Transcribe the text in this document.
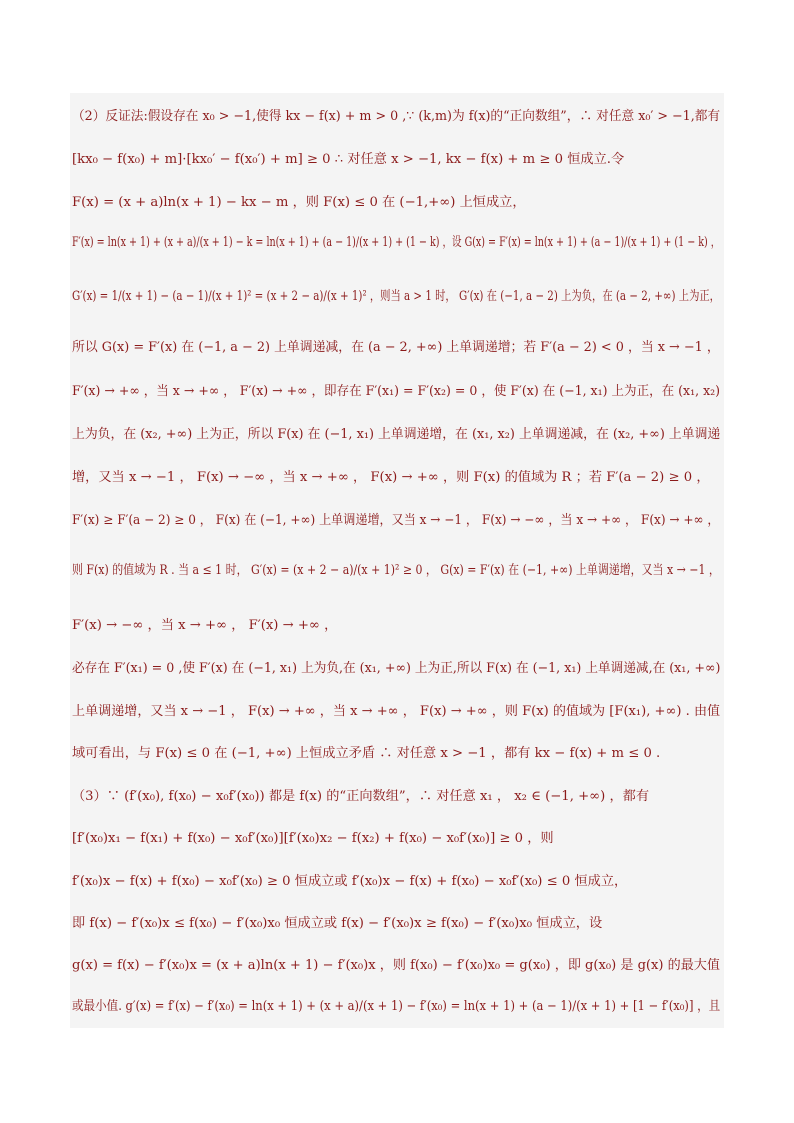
（2）反证法:假设存在 x₀ > −1,使得 kx − f(x) + m > 0 ,∵ (k,m)为 f(x)的“正向数组”，∴ 对任意 x₀′ > −1,都有
[kx₀ − f(x₀) + m]·[kx₀′ − f(x₀′) + m] ≥ 0 ∴ 对任意 x > −1, kx − f(x) + m ≥ 0 恒成立.令
F(x) = (x + a)ln(x + 1) − kx − m ，则 F(x) ≤ 0 在 (−1,+∞) 上恒成立，
F′(x) = ln(x + 1) + (x + a)/(x + 1) − k = ln(x + 1) + (a − 1)/(x + 1) + (1 − k) ，设 G(x) = F′(x) = ln(x + 1) + (a − 1)/(x + 1) + (1 − k) ，
G′(x) = 1/(x + 1) − (a − 1)/(x + 1)² = (x + 2 − a)/(x + 1)² ，则当 a > 1 时， G′(x) 在 (−1, a − 2) 上为负，在 (a − 2, +∞) 上为正，
所以 G(x) = F′(x) 在 (−1, a − 2) 上单调递减，在 (a − 2, +∞) 上单调递增；若 F′(a − 2) < 0 ，当 x → −1 ，
F′(x) → +∞ ，当 x → +∞ ， F′(x) → +∞ ，即存在 F′(x₁) = F′(x₂) = 0 ，使 F′(x) 在 (−1, x₁) 上为正，在 (x₁, x₂)
上为负，在 (x₂, +∞) 上为正，所以 F(x) 在 (−1, x₁) 上单调递增，在 (x₁, x₂) 上单调递减，在 (x₂, +∞) 上单调递
增，又当 x → −1 ， F(x) → −∞ ，当 x → +∞ ， F(x) → +∞ ，则 F(x) 的值域为 R ；若 F′(a − 2) ≥ 0 ，
F′(x) ≥ F′(a − 2) ≥ 0 ， F(x) 在 (−1, +∞) 上单调递增，又当 x → −1 ， F(x) → −∞ ，当 x → +∞ ， F(x) → +∞ ，
则 F(x) 的值域为 R . 当 a ≤ 1 时， G′(x) = (x + 2 − a)/(x + 1)² ≥ 0 ， G(x) = F′(x) 在 (−1, +∞) 上单调递增，又当 x → −1 ，
F′(x) → −∞ ，当 x → +∞ ， F′(x) → +∞ ，
必存在 F′(x₁) = 0 ,使 F′(x) 在 (−1, x₁) 上为负,在 (x₁, +∞) 上为正,所以 F(x) 在 (−1, x₁) 上单调递减,在 (x₁, +∞)
上单调递增，又当 x → −1 ， F(x) → +∞ ，当 x → +∞ ， F(x) → +∞ ，则 F(x) 的值域为 [F(x₁), +∞) . 由值
域可看出，与 F(x) ≤ 0 在 (−1, +∞) 上恒成立矛盾 ∴ 对任意 x > −1 ，都有 kx − f(x) + m ≤ 0 .
（3）∵ (f′(x₀), f(x₀) − x₀f′(x₀)) 都是 f(x) 的“正向数组”，∴ 对任意 x₁ ， x₂ ∈ (−1, +∞) ，都有
[f′(x₀)x₁ − f(x₁) + f(x₀) − x₀f′(x₀)][f′(x₀)x₂ − f(x₂) + f(x₀) − x₀f′(x₀)] ≥ 0 ，则
f′(x₀)x − f(x) + f(x₀) − x₀f′(x₀) ≥ 0 恒成立或 f′(x₀)x − f(x) + f(x₀) − x₀f′(x₀) ≤ 0 恒成立，
即 f(x) − f′(x₀)x ≤ f(x₀) − f′(x₀)x₀ 恒成立或 f(x) − f′(x₀)x ≥ f(x₀) − f′(x₀)x₀ 恒成立，设
g(x) = f(x) − f′(x₀)x = (x + a)ln(x + 1) − f′(x₀)x ，则 f(x₀) − f′(x₀)x₀ = g(x₀) ，即 g(x₀) 是 g(x) 的最大值
或最小值. g′(x) = f′(x) − f′(x₀) = ln(x + 1) + (x + a)/(x + 1) − f′(x₀) = ln(x + 1) + (a − 1)/(x + 1) + [1 − f′(x₀)] ，且
